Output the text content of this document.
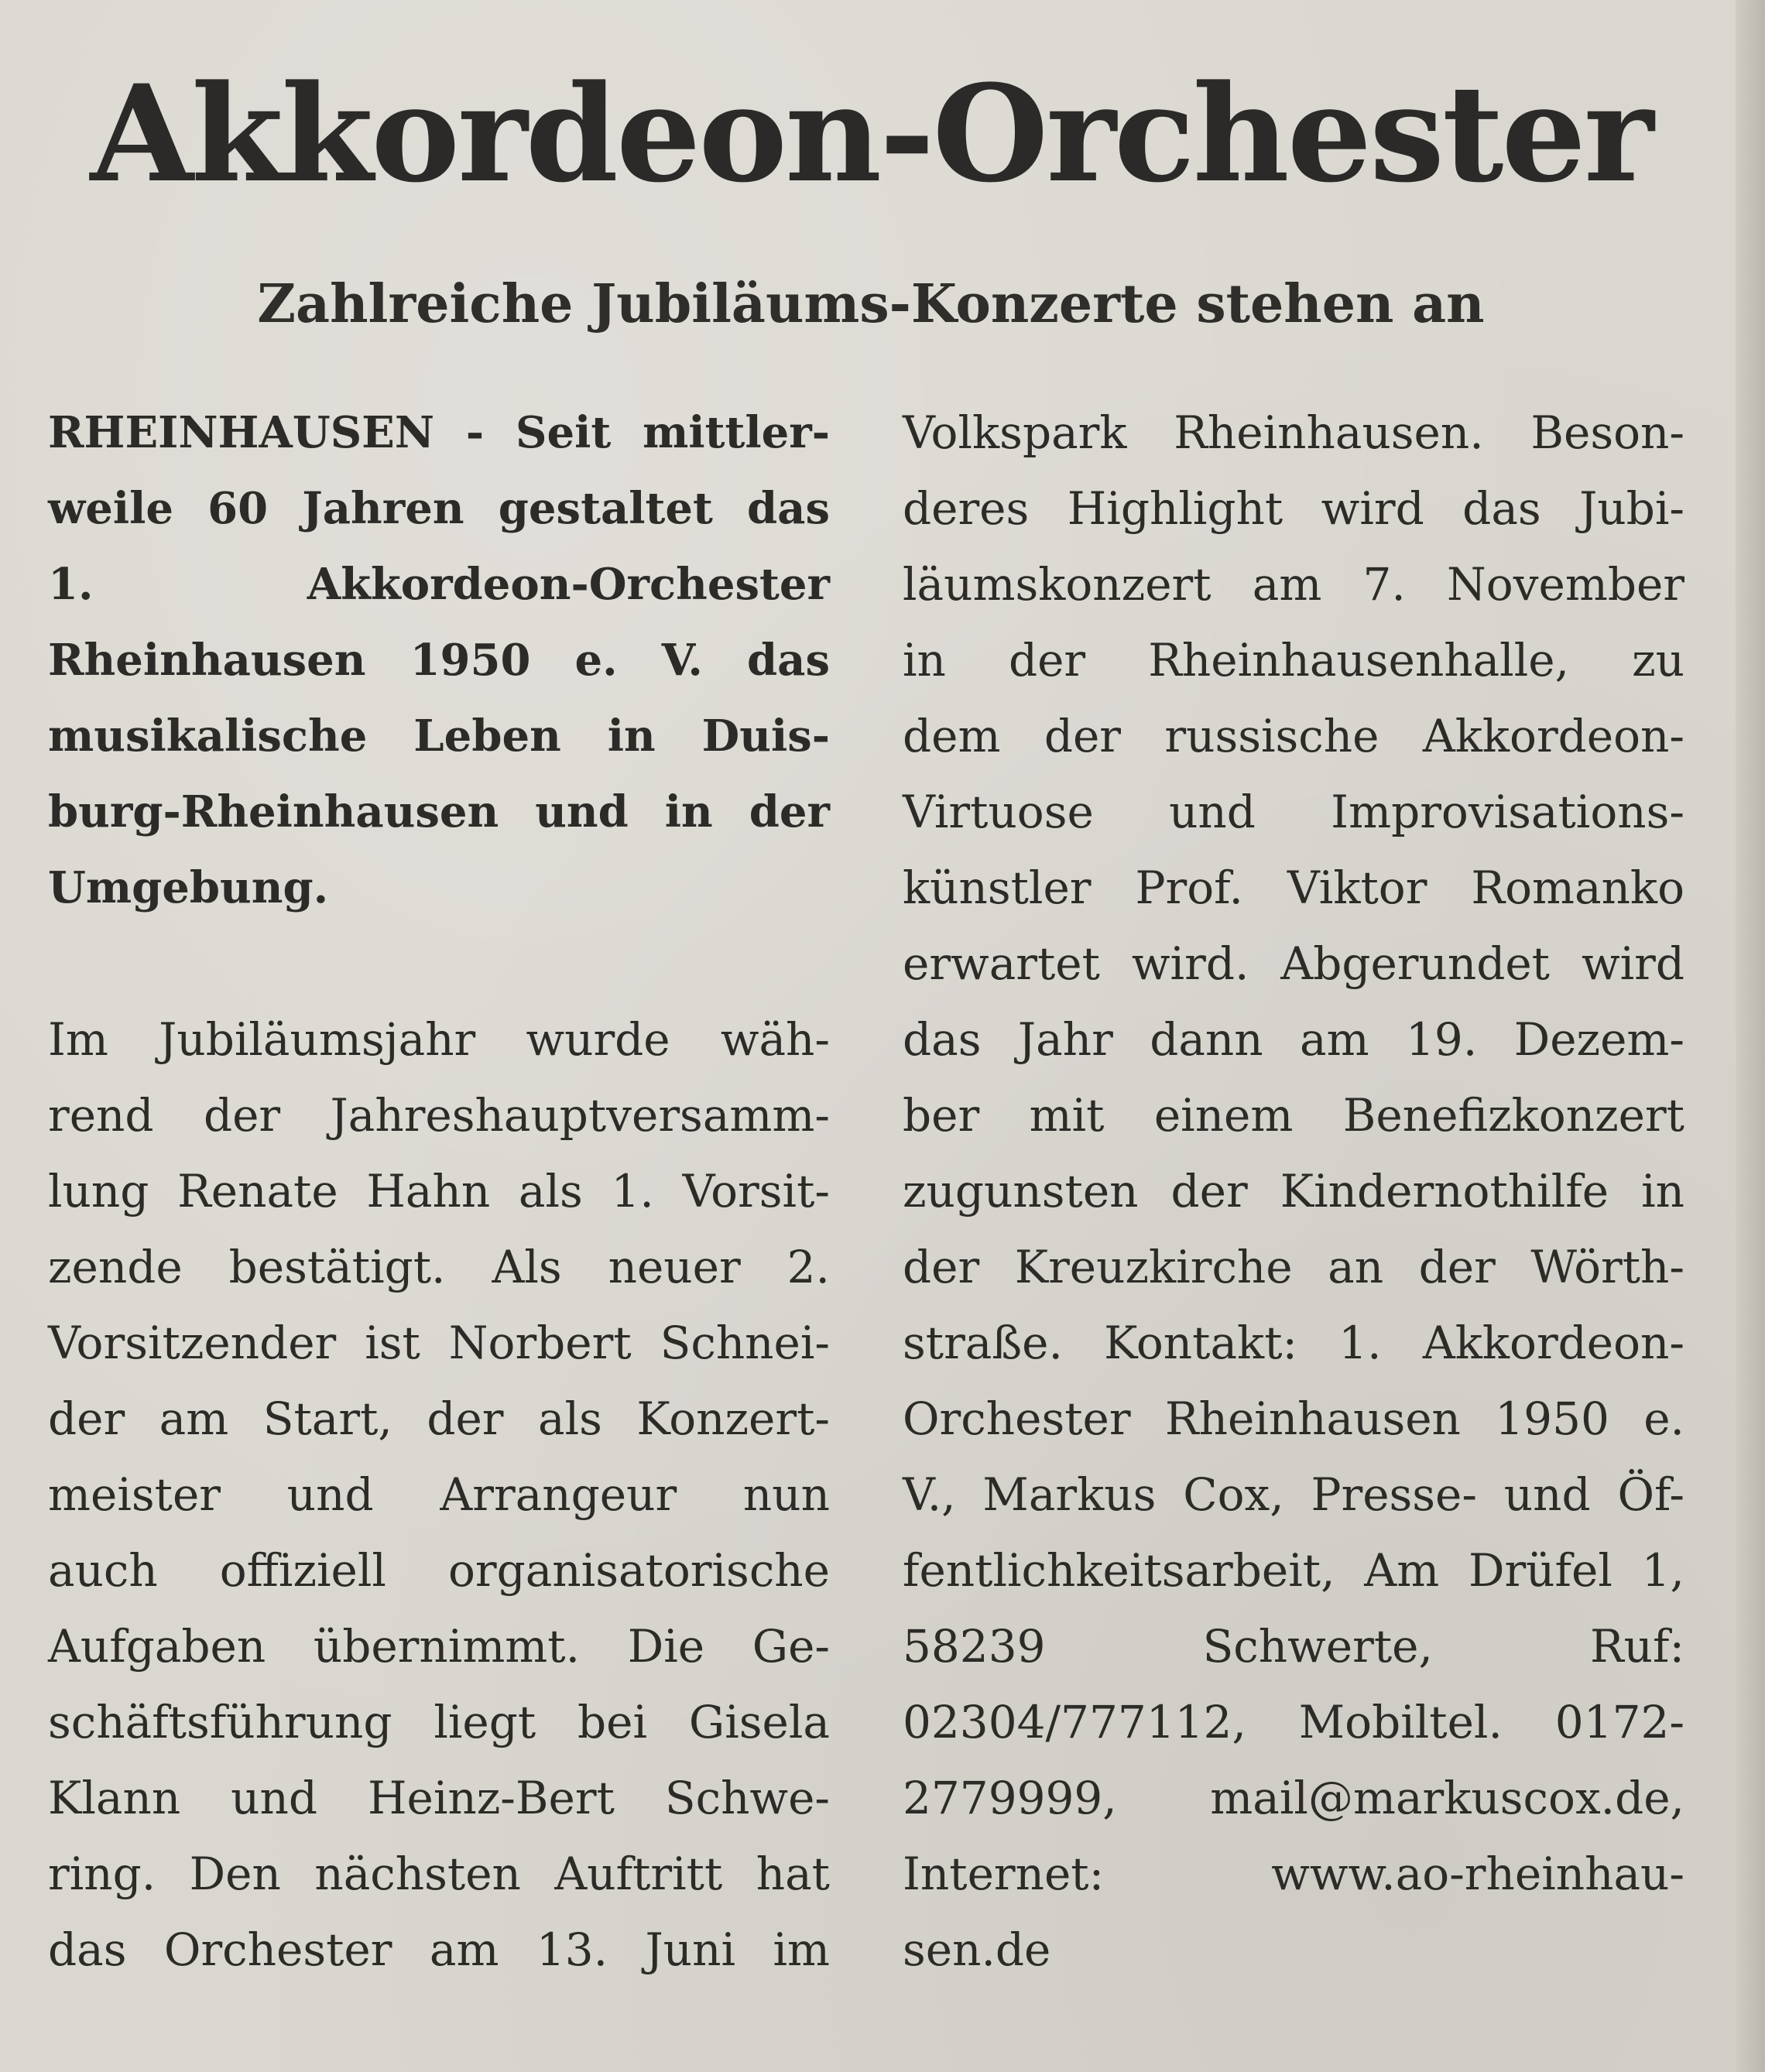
Akkordeon-Orchester
Zahlreiche Jubiläums-Konzerte stehen an
RHEINHAUSEN - Seit mittler-
weile 60 Jahren gestaltet das
1. Akkordeon-Orchester
Rheinhausen 1950 e. V. das
musikalische Leben in Duis-
burg-Rheinhausen und in der
Umgebung.
Im Jubiläumsjahr wurde wäh-
rend der Jahreshauptversamm-
lung Renate Hahn als 1. Vorsit-
zende bestätigt. Als neuer 2.
Vorsitzender ist Norbert Schnei-
der am Start, der als Konzert-
meister und Arrangeur nun
auch offiziell organisatorische
Aufgaben übernimmt. Die Ge-
schäftsführung liegt bei Gisela
Klann und Heinz-Bert Schwe-
ring. Den nächsten Auftritt hat
das Orchester am 13. Juni im
Volkspark Rheinhausen. Beson-
deres Highlight wird das Jubi-
läumskonzert am 7. November
in der Rheinhausenhalle, zu
dem der russische Akkordeon-
Virtuose und Improvisations-
künstler Prof. Viktor Romanko
erwartet wird. Abgerundet wird
das Jahr dann am 19. Dezem-
ber mit einem Benefizkonzert
zugunsten der Kindernothilfe in
der Kreuzkirche an der Wörth-
straße. Kontakt: 1. Akkordeon-
Orchester Rheinhausen 1950 e.
V., Markus Cox, Presse- und Öf-
fentlichkeitsarbeit, Am Drüfel 1,
58239 Schwerte, Ruf:
02304/777112, Mobiltel. 0172-
2779999, mail@markuscox.de,
Internet: www.ao-rheinhau-
sen.de
